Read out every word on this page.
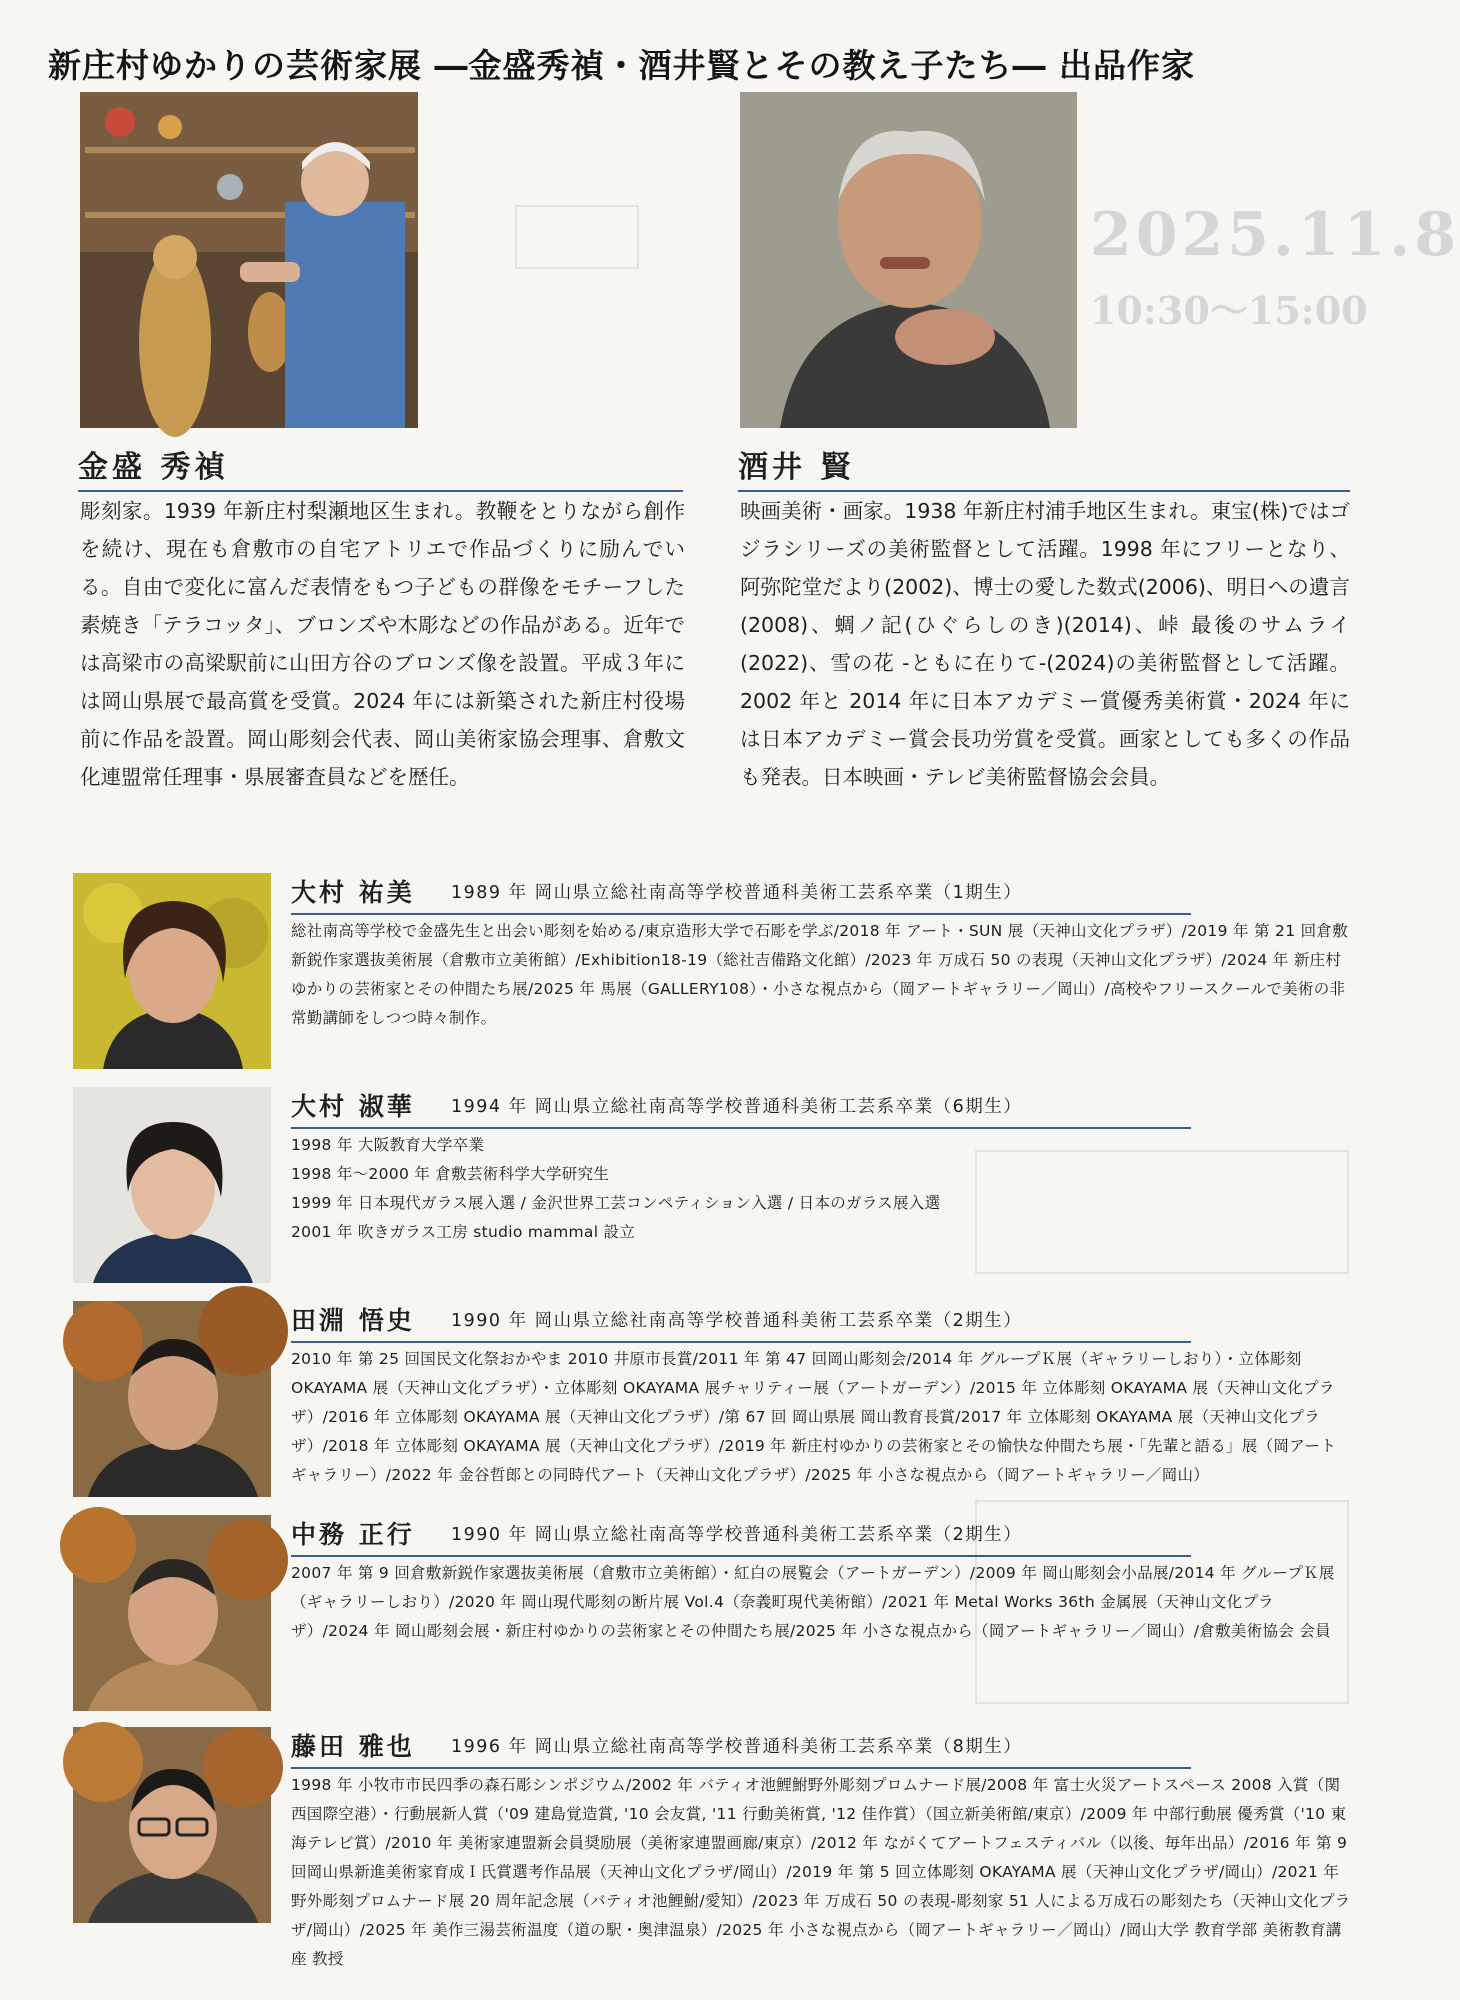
2025.11.8
10:30～15:00
新庄村ゆかりの芸術家展 ―金盛秀禎・酒井賢とその教え子たち― 出品作家
金盛 秀禎

彫刻家。1939 年新庄村梨瀬地区生まれ。教鞭をとりながら創作を続け、現在も倉敷市の自宅アトリエで作品づくりに励んでいる。自由で変化に富んだ表情をもつ子どもの群像をモチーフした素焼き「テラコッタ」、ブロンズや木彫などの作品がある。近年では高梁市の高梁駅前に山田方谷のブロンズ像を設置。平成３年には岡山県展で最高賞を受賞。2024 年には新築された新庄村役場前に作品を設置。岡山彫刻会代表、岡山美術家協会理事、倉敷文化連盟常任理事・県展審査員などを歴任。

酒井 賢

映画美術・画家。1938 年新庄村浦手地区生まれ。東宝(株)ではゴジラシリーズの美術監督として活躍。1998 年にフリーとなり、阿弥陀堂だより(2002)、博士の愛した数式(2006)、明日への遺言(2008)、蜩ノ記(ひぐらしのき)(2014)、峠 最後のサムライ(2022)、雪の花 -ともに在りて-(2024)の美術監督として活躍。2002 年と 2014 年に日本アカデミー賞優秀美術賞・2024 年には日本アカデミー賞会長功労賞を受賞。画家としても多くの作品も発表。日本映画・テレビ美術監督協会会員。

大村 祐美 1989 年 岡山県立総社南高等学校普通科美術工芸系卒業（1期生）

総社南高等学校で金盛先生と出会い彫刻を始める/東京造形大学で石彫を学ぶ/2018 年 アート・SUN 展（天神山文化プラザ）/2019 年 第 21 回倉敷新鋭作家選抜美術展（倉敷市立美術館）/Exhibition18-19（総社吉備路文化館）/2023 年 万成石 50 の表現（天神山文化プラザ）/2024 年 新庄村ゆかりの芸術家とその仲間たち展/2025 年 馬展（GALLERY108）・小さな視点から（岡アートギャラリー／岡山）/高校やフリースクールで美術の非常勤講師をしつつ時々制作。

大村 淑華 1994 年 岡山県立総社南高等学校普通科美術工芸系卒業（6期生）

1998 年 大阪教育大学卒業
1998 年～2000 年 倉敷芸術科学大学研究生
1999 年 日本現代ガラス展入選 / 金沢世界工芸コンペティション入選 / 日本のガラス展入選
2001 年 吹きガラス工房 studio mammal 設立

田淵 悟史 1990 年 岡山県立総社南高等学校普通科美術工芸系卒業（2期生）

2010 年 第 25 回国民文化祭おかやま 2010 井原市長賞/2011 年 第 47 回岡山彫刻会/2014 年 グループＫ展（ギャラリーしおり）・立体彫刻 OKAYAMA 展（天神山文化プラザ）・立体彫刻 OKAYAMA 展チャリティー展（アートガーデン）/2015 年 立体彫刻 OKAYAMA 展（天神山文化プラザ）/2016 年 立体彫刻 OKAYAMA 展（天神山文化プラザ）/第 67 回 岡山県展 岡山教育長賞/2017 年 立体彫刻 OKAYAMA 展（天神山文化プラザ）/2018 年 立体彫刻 OKAYAMA 展（天神山文化プラザ）/2019 年 新庄村ゆかりの芸術家とその愉快な仲間たち展・「先輩と語る」展（岡アートギャラリー）/2022 年 金谷哲郎との同時代アート（天神山文化プラザ）/2025 年 小さな視点から（岡アートギャラリー／岡山）

中務 正行 1990 年 岡山県立総社南高等学校普通科美術工芸系卒業（2期生）

2007 年 第 9 回倉敷新鋭作家選抜美術展（倉敷市立美術館）・紅白の展覧会（アートガーデン）/2009 年 岡山彫刻会小品展/2014 年 グループＫ展（ギャラリーしおり）/2020 年 岡山現代彫刻の断片展 Vol.4（奈義町現代美術館）/2021 年 Metal Works 36th 金属展（天神山文化プラザ）/2024 年 岡山彫刻会展・新庄村ゆかりの芸術家とその仲間たち展/2025 年 小さな視点から（岡アートギャラリー／岡山）/倉敷美術協会 会員

藤田 雅也 1996 年 岡山県立総社南高等学校普通科美術工芸系卒業（8期生）

1998 年 小牧市市民四季の森石彫シンポジウム/2002 年 バティオ池鯉鮒野外彫刻プロムナード展/2008 年 富士火災アートスペース 2008 入賞（関西国際空港）・行動展新人賞（'09 建島覚造賞, '10 会友賞, '11 行動美術賞, '12 佳作賞）（国立新美術館/東京）/2009 年 中部行動展 優秀賞（'10 東海テレビ賞）/2010 年 美術家連盟新会員奨励展（美術家連盟画廊/東京）/2012 年 ながくてアートフェスティバル（以後、毎年出品）/2016 年 第 9 回岡山県新進美術家育成Ｉ氏賞選考作品展（天神山文化プラザ/岡山）/2019 年 第 5 回立体彫刻 OKAYAMA 展（天神山文化プラザ/岡山）/2021 年 野外彫刻プロムナード展 20 周年記念展（バティオ池鯉鮒/愛知）/2023 年 万成石 50 の表現-彫刻家 51 人による万成石の彫刻たち（天神山文化プラザ/岡山）/2025 年 美作三湯芸術温度（道の駅・奥津温泉）/2025 年 小さな視点から（岡アートギャラリー／岡山）/岡山大学 教育学部 美術教育講座 教授
